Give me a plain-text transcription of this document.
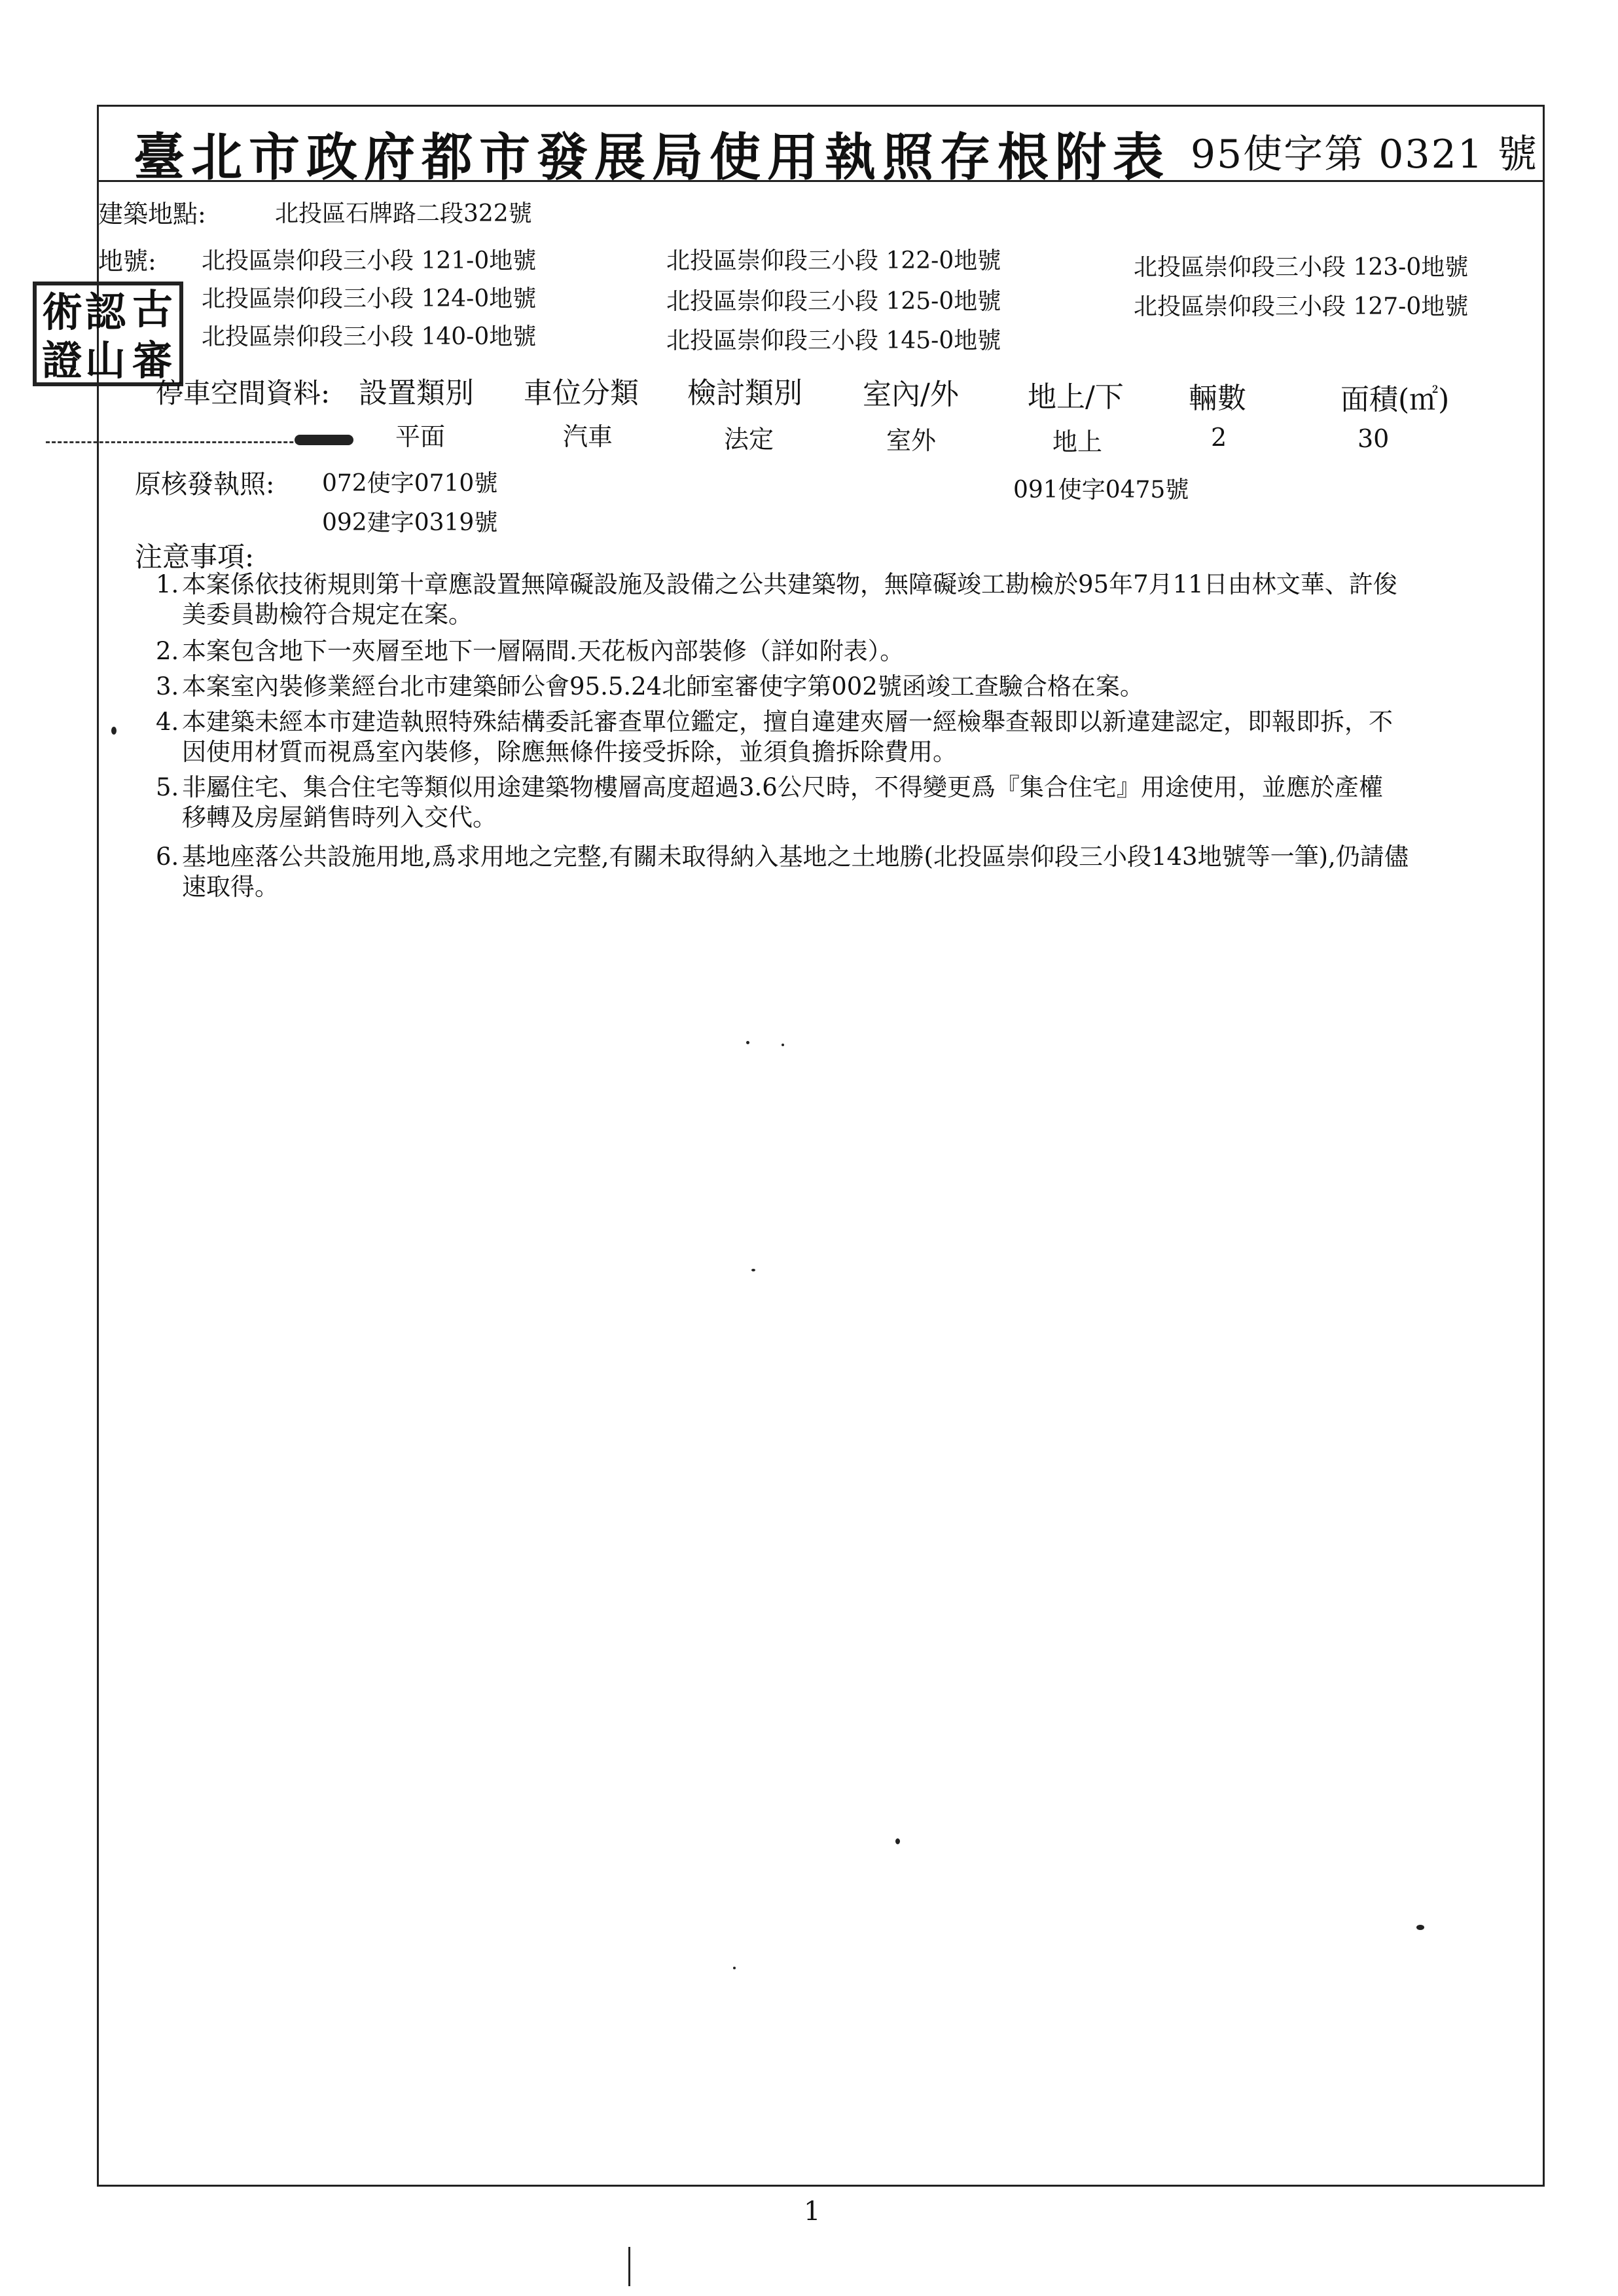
臺北市政府都市發展局使用執照存根附表 95使字第 0321 號
建築地點:	北投區石牌路二段322號
地號: 北投區崇仰段三小段 121-0地號	北投區崇仰段三小段 122-0地號	北投區崇仰段三小段 123-0地號
北投區崇仰段三小段 124-0地號	北投區崇仰段三小段 125-0地號	北投區崇仰段三小段 127-0地號
北投區崇仰段三小段 140-0地號	北投區崇仰段三小段 145-0地號
術 認 古
證 山 審
停車空間資料: 設置類別 車位分類 檢討類別 室內/外 地上/下 輛數	面積(㎡)
平面	汽車	法定	室外	地上	2	30
原核發執照: 072使字0710號	091使字0475號
092建字0319號
注意事項:
1. 本案係依技術規則第十章應設置無障礙設施及設備之公共建築物，無障礙竣工勘檢於95年7月11日由林文華、許俊
美委員勘檢符合規定在案。
2. 本案包含地下一夾層至地下一層隔間.天花板內部裝修（詳如附表）。
3. 本案室內裝修業經台北市建築師公會95.5.24北師室審使字第002號函竣工查驗合格在案。
4. 本建築未經本市建造執照特殊結構委託審查單位鑑定，擅自違建夾層一經檢舉查報即以新違建認定，即報即拆，不
因使用材質而視爲室內裝修，除應無條件接受拆除，並須負擔拆除費用。
5. 非屬住宅、集合住宅等類似用途建築物樓層高度超過3.6公尺時，不得變更爲『集合住宅』用途使用，並應於產權
移轉及房屋銷售時列入交代。
6. 基地座落公共設施用地,爲求用地之完整,有關未取得納入基地之土地勝(北投區崇仰段三小段143地號等一筆),仍請儘
速取得。
1
